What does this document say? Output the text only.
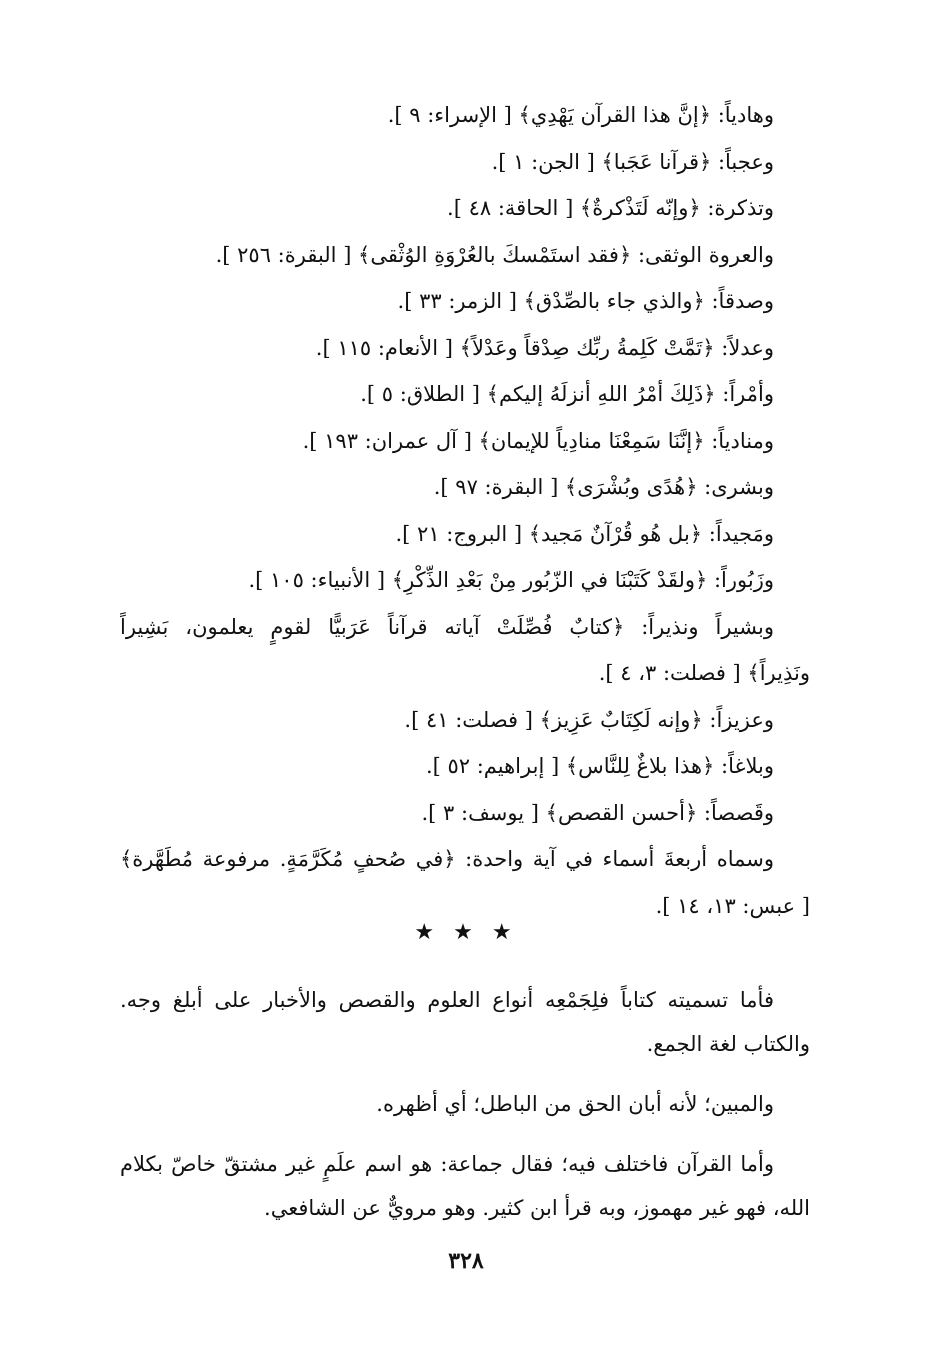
وهادياً: ﴿إنَّ هذا القرآن يَهْدِي﴾ [ الإسراء: ٩ ].
وعجباً: ﴿قرآنا عَجَبا﴾ [ الجن: ١ ].
وتذكرة: ﴿وإنّه لَتَذْكرةٌ﴾ [ الحاقة: ٤٨ ].
والعروة الوثقى: ﴿فقد استَمْسكَ بالعُرْوَةِ الوُثْقى﴾ [ البقرة: ٢٥٦ ].
وصدقاً: ﴿والذي جاء بالصِّدْق﴾ [ الزمر: ٣٣ ].
وعدلاً: ﴿تَمَّتْ كَلِمةُ ربِّك صِدْقاً وعَدْلاً﴾ [ الأنعام: ١١٥ ].
وأمْراً: ﴿ذَلِكَ أمْرُ اللهِ أنزلَهُ إليكم﴾ [ الطلاق: ٥ ].
ومنادياً: ﴿إنَّنَا سَمِعْنَا منادِياً للإيمان﴾ [ آل عمران: ١٩٣ ].
وبشرى: ﴿هُدًى وبُشْرَى﴾ [ البقرة: ٩٧ ].
ومَجيداً: ﴿بل هُو قُرْآنٌ مَجيد﴾ [ البروج: ٢١ ].
وزَبُوراً: ﴿ولقَدْ كَتَبْنَا في الزّبُور مِنْ بَعْدِ الذِّكْرِ﴾ [ الأنبياء: ١٠٥ ].
وبشيراً ونذيراً: ﴿كتابٌ فُصِّلَتْ آياته قرآناً عَرَبيًّا لقومٍ يعلمون، بَشِيراً
ونَذِيراً﴾ [ فصلت: ٣، ٤ ].
وعزيزاً: ﴿وإنه لَكِتَابٌ عَزِيز﴾ [ فصلت: ٤١ ].
وبلاغاً: ﴿هذا بلاغٌ لِلنَّاس﴾ [ إبراهيم: ٥٢ ].
وقَصصاً: ﴿أحسن القصص﴾ [ يوسف: ٣ ].
وسماه أربعةَ أسماء في آية واحدة: ﴿في صُحفٍ مُكَرَّمَةٍ. مرفوعة مُطَهَّرة﴾
[ عبس: ١٣، ١٤ ].
★ ★ ★

فأما تسميته كتاباً فلِجَمْعِه أنواع العلوم والقصص والأخبار على أبلغ وجه.
والكتاب لغة الجمع.

والمبين؛ لأنه أبان الحق من الباطل؛ أي أظهره.

وأما القرآن فاختلف فيه؛ فقال جماعة: هو اسم علَمٍ غير مشتقّ خاصّ بكلام
الله، فهو غير مهموز، وبه قرأ ابن كثير. وهو مرويٌّ عن الشافعي.

٣٢٨
